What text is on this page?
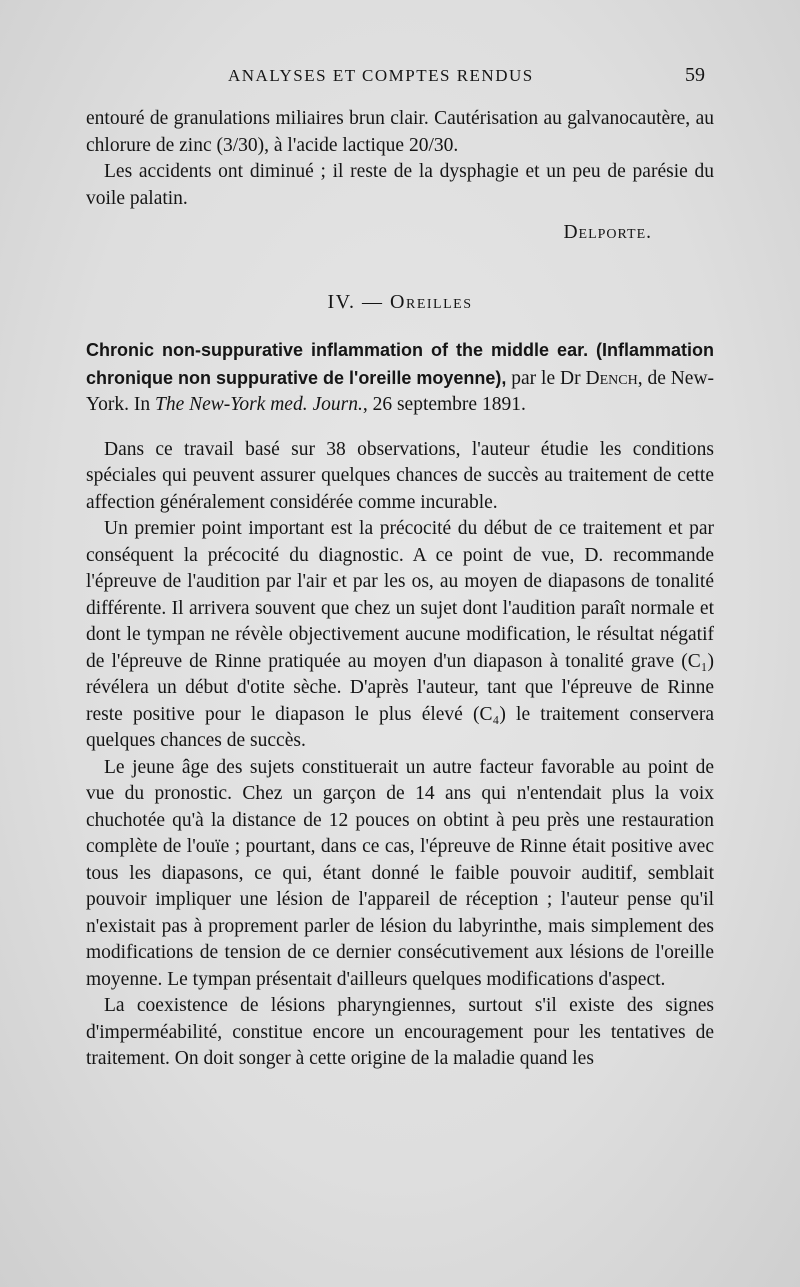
ANALYSES ET COMPTES RENDUS	59

entouré de granulations miliaires brun clair. Cautérisation au galvanocautère, au chlorure de zinc (3/30), à l'acide lactique 20/30.

Les accidents ont diminué ; il reste de la dysphagie et un peu de parésie du voile palatin.

Delporte.

IV. — Oreilles

Chronic non-suppurative inflammation of the middle ear. (Inflammation chronique non suppurative de l'oreille moyenne), par le Dr Dench, de New-York. In The New-York med. Journ., 26 septembre 1891.

Dans ce travail basé sur 38 observations, l'auteur étudie les conditions spéciales qui peuvent assurer quelques chances de succès au traitement de cette affection généralement considérée comme incurable.

Un premier point important est la précocité du début de ce traitement et par conséquent la précocité du diagnostic. A ce point de vue, D. recommande l'épreuve de l'audition par l'air et par les os, au moyen de diapasons de tonalité différente. Il arrivera souvent que chez un sujet dont l'audition paraît normale et dont le tympan ne révèle objectivement aucune modification, le résultat négatif de l'épreuve de Rinne pratiquée au moyen d'un diapason à tonalité grave (C₁) révélera un début d'otite sèche. D'après l'auteur, tant que l'épreuve de Rinne reste positive pour le diapason le plus élevé (C₄) le traitement conservera quelques chances de succès.

Le jeune âge des sujets constituerait un autre facteur favorable au point de vue du pronostic. Chez un garçon de 14 ans qui n'entendait plus la voix chuchotée qu'à la distance de 12 pouces on obtint à peu près une restauration complète de l'ouïe ; pourtant, dans ce cas, l'épreuve de Rinne était positive avec tous les diapasons, ce qui, étant donné le faible pouvoir auditif, semblait pouvoir impliquer une lésion de l'appareil de réception ; l'auteur pense qu'il n'existait pas à proprement parler de lésion du labyrinthe, mais simplement des modifications de tension de ce dernier consécutivement aux lésions de l'oreille moyenne. Le tympan présentait d'ailleurs quelques modifications d'aspect.

La coexistence de lésions pharyngiennes, surtout s'il existe des signes d'imperméabilité, constitue encore un encouragement pour les tentatives de traitement. On doit songer à cette origine de la maladie quand les
